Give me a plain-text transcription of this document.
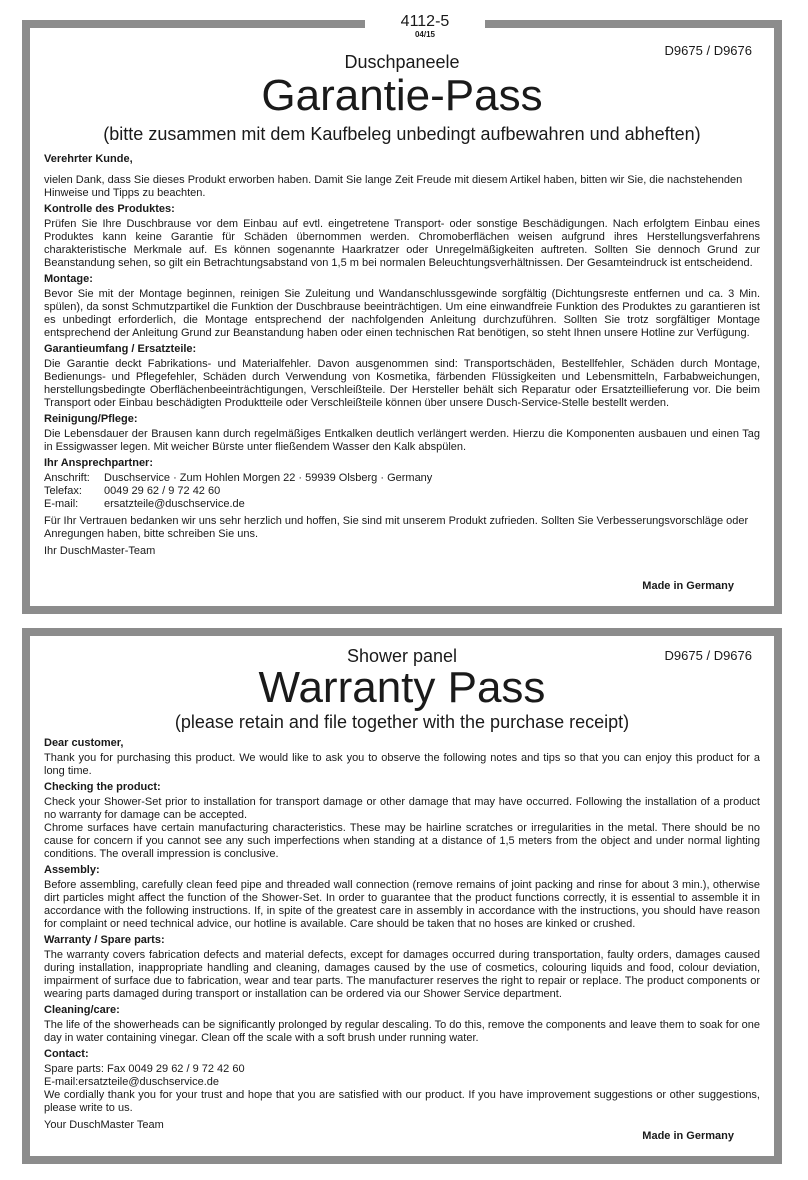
4112-5
04/15
D9675 / D9676
Duschpaneele
Garantie-Pass
(bitte zusammen mit dem Kaufbeleg unbedingt aufbewahren und abheften)
Verehrter Kunde,

vielen Dank, dass Sie dieses Produkt erworben haben. Damit Sie lange Zeit Freude mit diesem Artikel haben, bitten wir Sie, die nachstehenden

Hinweise und Tipps zu beachten.

Kontrolle des Produktes:

Prüfen Sie Ihre Duschbrause vor dem Einbau auf evtl. eingetretene Transport- oder sonstige Beschädigungen. Nach erfolgtem Einbau eines Produktes kann keine Garantie für Schäden übernommen werden. Chromoberflächen weisen aufgrund ihres Herstellungsverfahrens charakteristische Merkmale auf. Es können sogenannte Haarkratzer oder Unregelmäßigkeiten auftreten. Sollten Sie dennoch Grund zur Beanstandung sehen, so gilt ein Betrachtungsabstand von 1,5 m bei normalen Beleuchtungsverhältnissen. Der Gesamteindruck ist entscheidend.

Montage:

Bevor Sie mit der Montage beginnen, reinigen Sie Zuleitung und Wandanschlussgewinde sorgfältig (Dichtungsreste entfernen und ca. 3 Min. spülen), da sonst Schmutzpartikel die Funktion der Duschbrause beeinträchtigen. Um eine einwandfreie Funktion des Produktes zu garantieren ist es unbedingt erforderlich, die Montage entsprechend der nachfolgenden Anleitung durchzuführen. Sollten Sie trotz sorgfältiger Montage entsprechend der Anleitung Grund zur Beanstandung haben oder einen technischen Rat benötigen, so steht Ihnen unsere Hotline zur Verfügung.

Garantieumfang / Ersatzteile:

Die Garantie deckt Fabrikations- und Materialfehler. Davon ausgenommen sind: Transportschäden, Bestellfehler, Schäden durch Montage, Bedienungs- und Pflegefehler, Schäden durch Verwendung von Kosmetika, färbenden Flüssigkeiten und Lebensmitteln, Farbabweichungen, herstellungsbedingte Oberflächenbeeinträchtigungen, Verschleißteile. Der Hersteller behält sich Reparatur oder Ersatzteillieferung vor. Die beim Transport oder Einbau beschädigten Produktteile oder Verschleißteile können über unsere Dusch-Service-Stelle bestellt werden.

Reinigung/Pflege:

Die Lebensdauer der Brausen kann durch regelmäßiges Entkalken deutlich verlängert werden. Hierzu die Komponenten ausbauen und einen Tag in Essigwasser legen. Mit weicher Bürste unter fließendem Wasser den Kalk abspülen.

Ihr Ansprechpartner:
Anschrift:	Duschservice · Zum Hohlen Morgen 22 · 59939 Olsberg · Germany
Telefax:	0049 29 62 / 9 72 42 60
E-mail:	ersatzteile@duschservice.de

Für Ihr Vertrauen bedanken wir uns sehr herzlich und hoffen, Sie sind mit unserem Produkt zufrieden. Sollten Sie Verbesserungsvorschläge oder Anregungen haben, bitte schreiben Sie uns.

Ihr DuschMaster-Team
Made in Germany
D9675 / D9676
Shower panel
Warranty Pass
(please retain and file together with the purchase receipt)
Dear customer,

Thank you for purchasing this product. We would like to ask you to observe the following notes and tips so that you can enjoy this product for a long time.

Checking the product:

Check your Shower-Set prior to installation for transport damage or other damage that may have occurred. Following the installation of a product no warranty for damage can be accepted.

Chrome surfaces have certain manufacturing characteristics. These may be hairline scratches or irregularities in the metal. There should be no cause for concern if you cannot see any such imperfections when standing at a distance of 1,5 meters from the object and under normal lighting conditions. The overall impression is conclusive.

Assembly:

Before assembling, carefully clean feed pipe and threaded wall connection (remove remains of joint packing and rinse for about 3 min.), otherwise dirt particles might affect the function of the Shower-Set. In order to guarantee that the product functions correctly, it is essential to assemble it in accordance with the following instructions. If, in spite of the greatest care in assembly in accordance with the instructions, you should have reason for complaint or need technical advice, our hotline is available. Care should be taken that no hoses are kinked or crushed.

Warranty / Spare parts:

The warranty covers fabrication defects and material defects, except for damages occurred during transportation, faulty orders, damages caused during installation, inappropriate handling and cleaning, damages caused by the use of cosmetics, colouring liquids and food, colour deviation, impairment of surface due to fabrication, wear and tear parts. The manufacturer reserves the right to repair or replace. The product components or wearing parts damaged during transport or installation can be ordered via our Shower Service department.

Cleaning/care:

The life of the showerheads can be significantly prolonged by regular descaling. To do this, remove the components and leave them to soak for one day in water containing vinegar. Clean off the scale with a soft brush under running water.

Contact:

Spare parts: Fax 0049 29 62 / 9 72 42 60

E-mail:ersatzteile@duschservice.de

We cordially thank you for your trust and hope that you are satisfied with our product. If you have improvement suggestions or other suggestions, please write to us.

Your DuschMaster Team
Made in Germany
